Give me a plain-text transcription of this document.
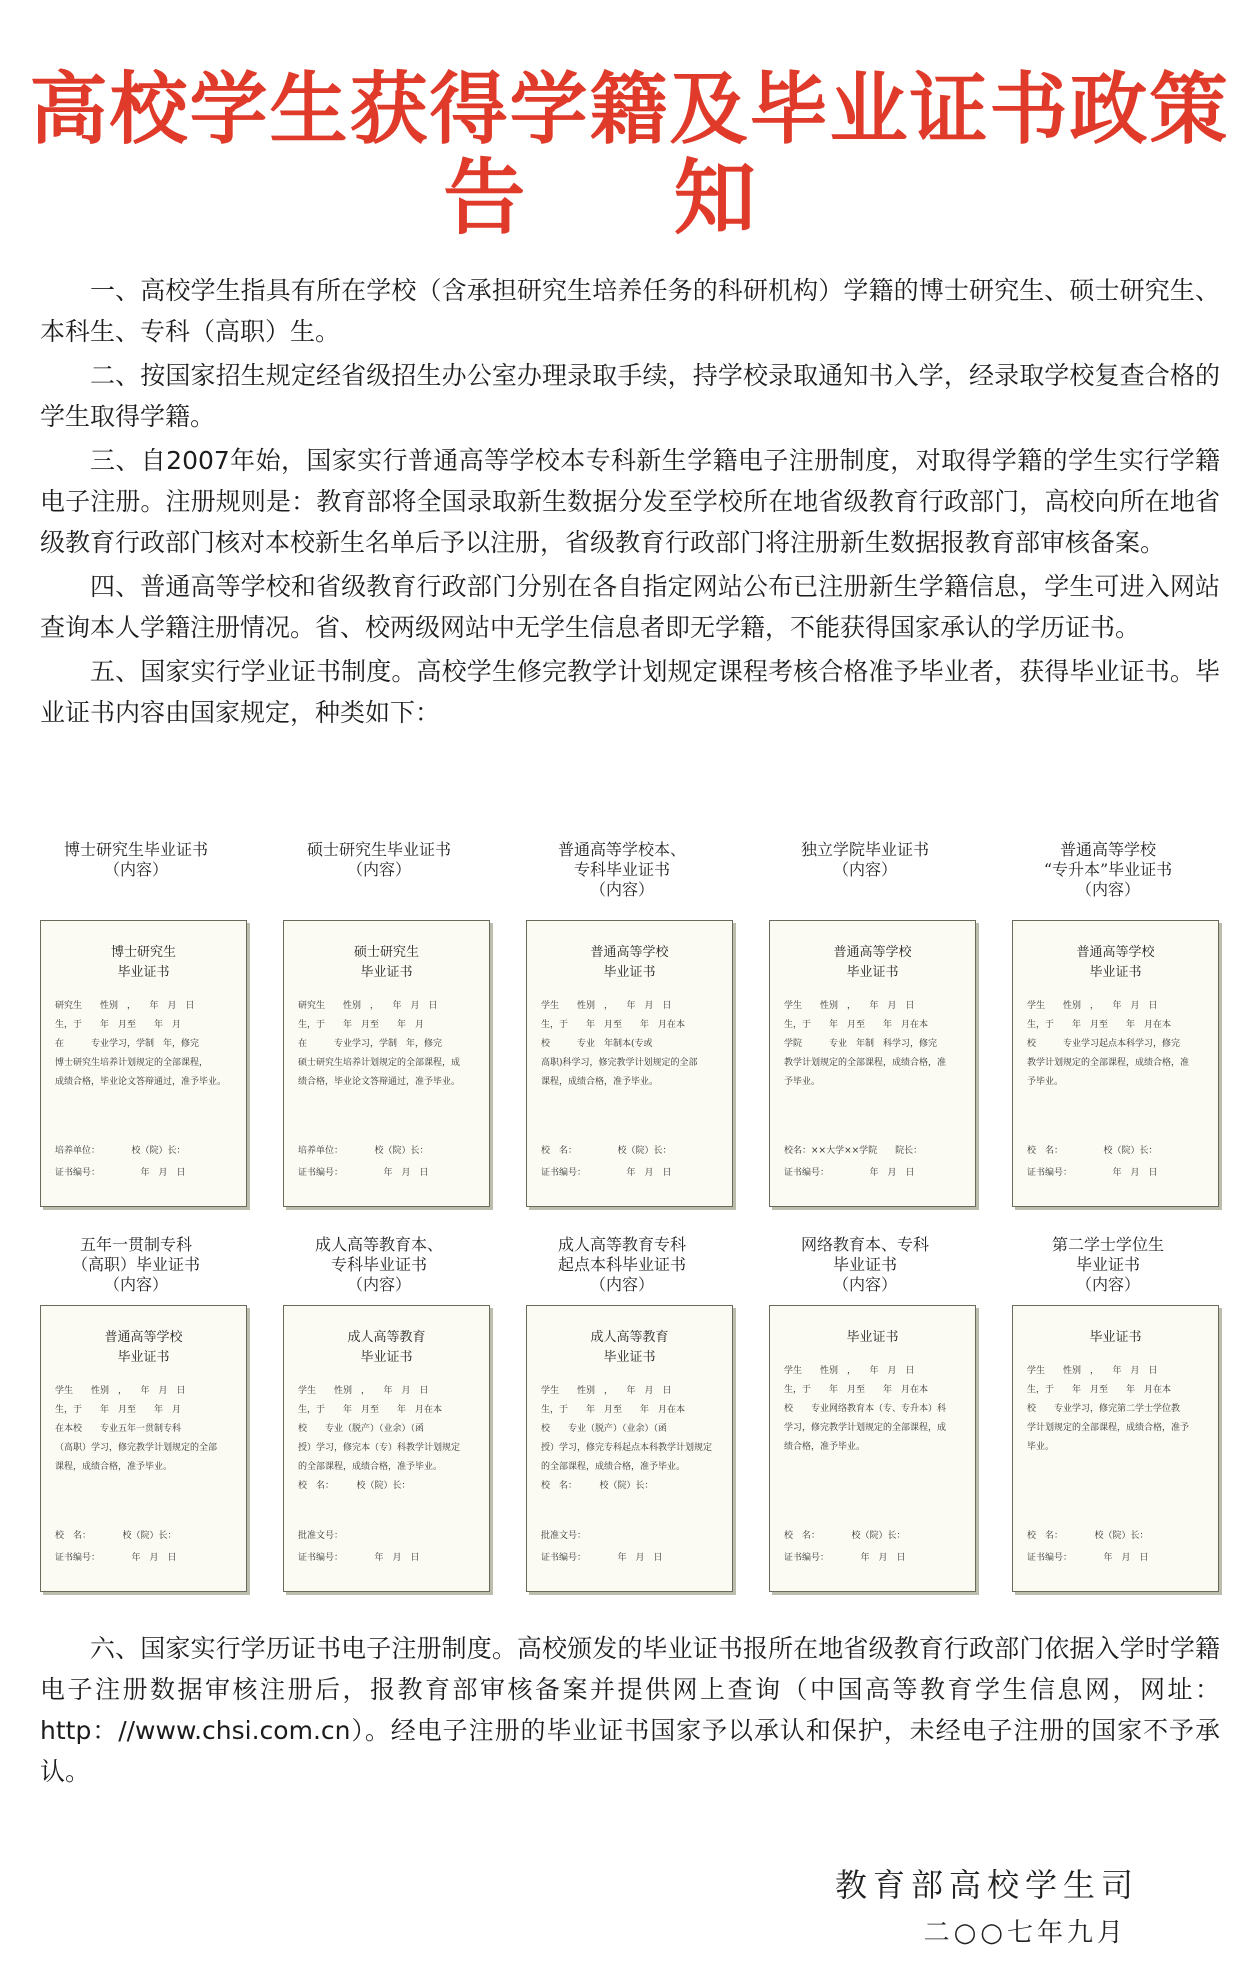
高校学生获得学籍及毕业证书政策
告 知

一、高校学生指具有所在学校（含承担研究生培养任务的科研机构）学籍的博士研究生、硕士研究生、本科生、专科（高职）生。

二、按国家招生规定经省级招生办公室办理录取手续，持学校录取通知书入学，经录取学校复查合格的学生取得学籍。

三、自2007年始，国家实行普通高等学校本专科新生学籍电子注册制度，对取得学籍的学生实行学籍电子注册。注册规则是：教育部将全国录取新生数据分发至学校所在地省级教育行政部门，高校向所在地省级教育行政部门核对本校新生名单后予以注册，省级教育行政部门将注册新生数据报教育部审核备案。

四、普通高等学校和省级教育行政部门分别在各自指定网站公布已注册新生学籍信息，学生可进入网站查询本人学籍注册情况。省、校两级网站中无学生信息者即无学籍，不能获得国家承认的学历证书。

五、国家实行学业证书制度。高校学生修完教学计划规定课程考核合格准予毕业者，获得毕业证书。毕业证书内容由国家规定，种类如下：

博士研究生毕业证书
（内容）
博士研究生
毕业证书
研究生　　性别　，　　年　月　日
生，于　　年　月至　　年　月
在　　　专业学习，学制　年，修完
博士研究生培养计划规定的全部课程，
成绩合格，毕业论文答辩通过，准予毕业。
培养单位：　　　　校（院）长：
证书编号：　　　　　年　月　日
硕士研究生毕业证书
（内容）
硕士研究生
毕业证书
研究生　　性别　，　　年　月　日
生，于　　年　月至　　年　月
在　　　专业学习，学制　年，修完
硕士研究生培养计划规定的全部课程，成
绩合格，毕业论文答辩通过，准予毕业。
培养单位：　　　　校（院）长：
证书编号：　　　　　年　月　日
普通高等学校本、
专科毕业证书
（内容）
普通高等学校
毕业证书
学生　　性别　，　　年　月　日
生，于　　年　月至　　年　月在本
校　　　专业　年制本(专或
高职)科学习，修完教学计划规定的全部
课程，成绩合格，准予毕业。
校　名：　　　　　校（院）长：
证书编号：　　　　　年　月　日
独立学院毕业证书
（内容）
普通高等学校
毕业证书
学生　　性别　，　　年　月　日
生，于　　年　月至　　年　月在本
学院　　　专业　年制　科学习，修完
教学计划规定的全部课程，成绩合格，准
予毕业。
校名：××大学××学院　　院长：
证书编号：　　　　　年　月　日
普通高等学校
“专升本”毕业证书
（内容）
普通高等学校
毕业证书
学生　　性别　，　　年　月　日
生，于　　年　月至　　年　月在本
校　　　专业学习起点本科学习，修完
教学计划规定的全部课程，成绩合格，准
予毕业。
校　名：　　　　　校（院）长：
证书编号：　　　　　年　月　日
五年一贯制专科
（高职）毕业证书
（内容）
普通高等学校
毕业证书
学生　　性别　，　　年　月　日
生，于　　年　月至　　年　月
在本校　　专业五年一贯制专科
（高职）学习，修完教学计划规定的全部
课程，成绩合格，准予毕业。
校　名：　　　　校（院）长：
证书编号：　　　　年　月　日
成人高等教育本、
专科毕业证书
（内容）
成人高等教育
毕业证书
学生　　性别　，　　年　月　日
生，于　　年　月至　　年　月在本
校　　专业（脱产）（业余）（函
授）学习，修完本（专）科教学计划规定
的全部课程，成绩合格，准予毕业。
校　名：　　　校（院）长：
批准文号：
证书编号：　　　　年　月　日
成人高等教育专科
起点本科毕业证书
（内容）
成人高等教育
毕业证书
学生　　性别　，　　年　月　日
生，于　　年　月至　　年　月在本
校　　专业（脱产）（业余）（函
授）学习，修完专科起点本科教学计划规定
的全部课程，成绩合格，准予毕业。
校　名：　　　校（院）长：
批准文号：
证书编号：　　　　年　月　日
网络教育本、专科
毕业证书
（内容）
毕业证书
学生　　性别　，　　年　月　日
生，于　　年　月至　　年　月在本
校　　专业网络教育本（专、专升本）科
学习，修完教学计划规定的全部课程，成
绩合格，准予毕业。
校　名：　　　　校（院）长：
证书编号：　　　　年　月　日
第二学士学位生
毕业证书
（内容）
毕业证书
学生　　性别　，　　年　月　日
生，于　　年　月至　　年　月在本
校　　专业学习，修完第二学士学位教
学计划规定的全部课程，成绩合格，准予
毕业。
校　名：　　　　校（院）长：
证书编号：　　　　年　月　日

六、国家实行学历证书电子注册制度。高校颁发的毕业证书报所在地省级教育行政部门依据入学时学籍电子注册数据审核注册后，报教育部审核备案并提供网上查询（中国高等教育学生信息网，网址：http：//www.chsi.com.cn）。经电子注册的毕业证书国家予以承认和保护，未经电子注册的国家不予承认。

教育部高校学生司
二○○七年九月
